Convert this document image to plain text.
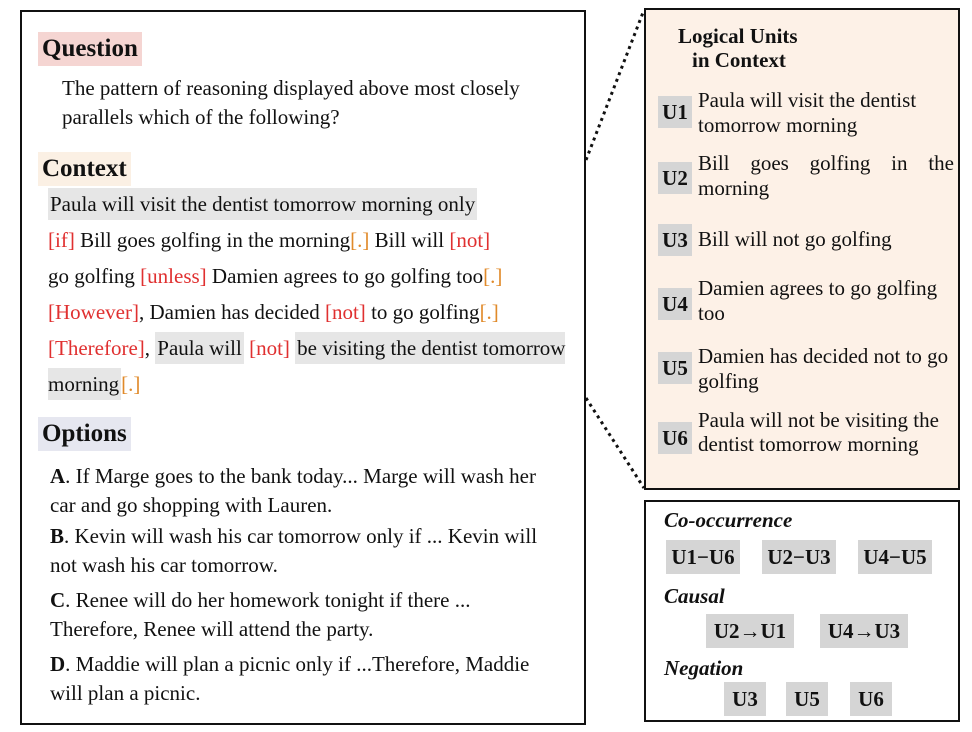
Question
The pattern of reasoning displayed above most closely parallels which of the following?
Context
Paula will visit the dentist tomorrow morning only
[if] Bill goes golfing in the morning[.] Bill will [not]
go golfing [unless] Damien agrees to go golfing too[.]
[However], Damien has decided [not] to go golfing[.]
[Therefore], Paula will [not] be visiting the dentist tomorrow morning[.]
Options
A. If Marge goes to the bank today... Marge will wash her car and go shopping with Lauren.
B. Kevin will wash his car tomorrow only if ... Kevin will not wash his car tomorrow.
C. Renee will do her homework tonight if there ... Therefore, Renee will attend the party.
D. Maddie will plan a picnic only if ...Therefore, Maddie will plan a picnic.
Logical Units
in Context
U1 Paula will visit the dentist tomorrow morning
U2
Bill goes golfing in the morning
U3 Bill will not go golfing
U4
Damien agrees to go golfing too
U5 Damien has decided not to go golfing
U6
Paula will not be visiting the dentist tomorrow morning
Co-occurrence
U1−U6 U2−U3 U4−U5
Causal
U2→U1	U4→U3
Negation
U3	U5	U6
